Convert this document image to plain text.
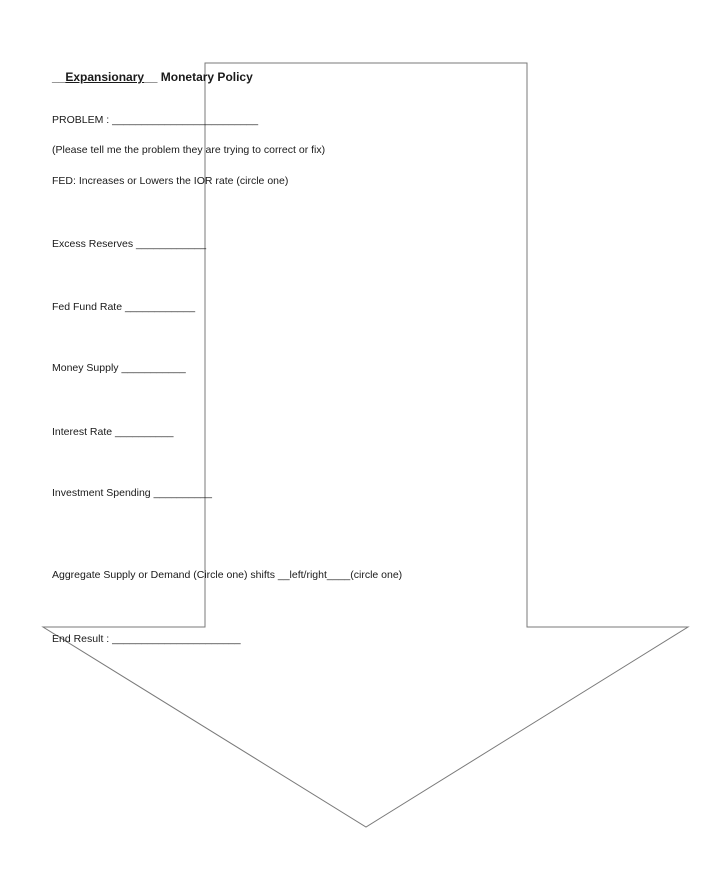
__Expansionary__ Monetary Policy
PROBLEM : _________________________
(Please tell me the problem they are trying to correct or fix)
FED: Increases or Lowers the IOR rate (circle one)
Excess Reserves ____________
Fed Fund Rate ____________
Money Supply ___________
Interest Rate __________
Investment Spending __________
Aggregate Supply or Demand (Circle one) shifts __left/right____(circle one)
End Result : ______________________
